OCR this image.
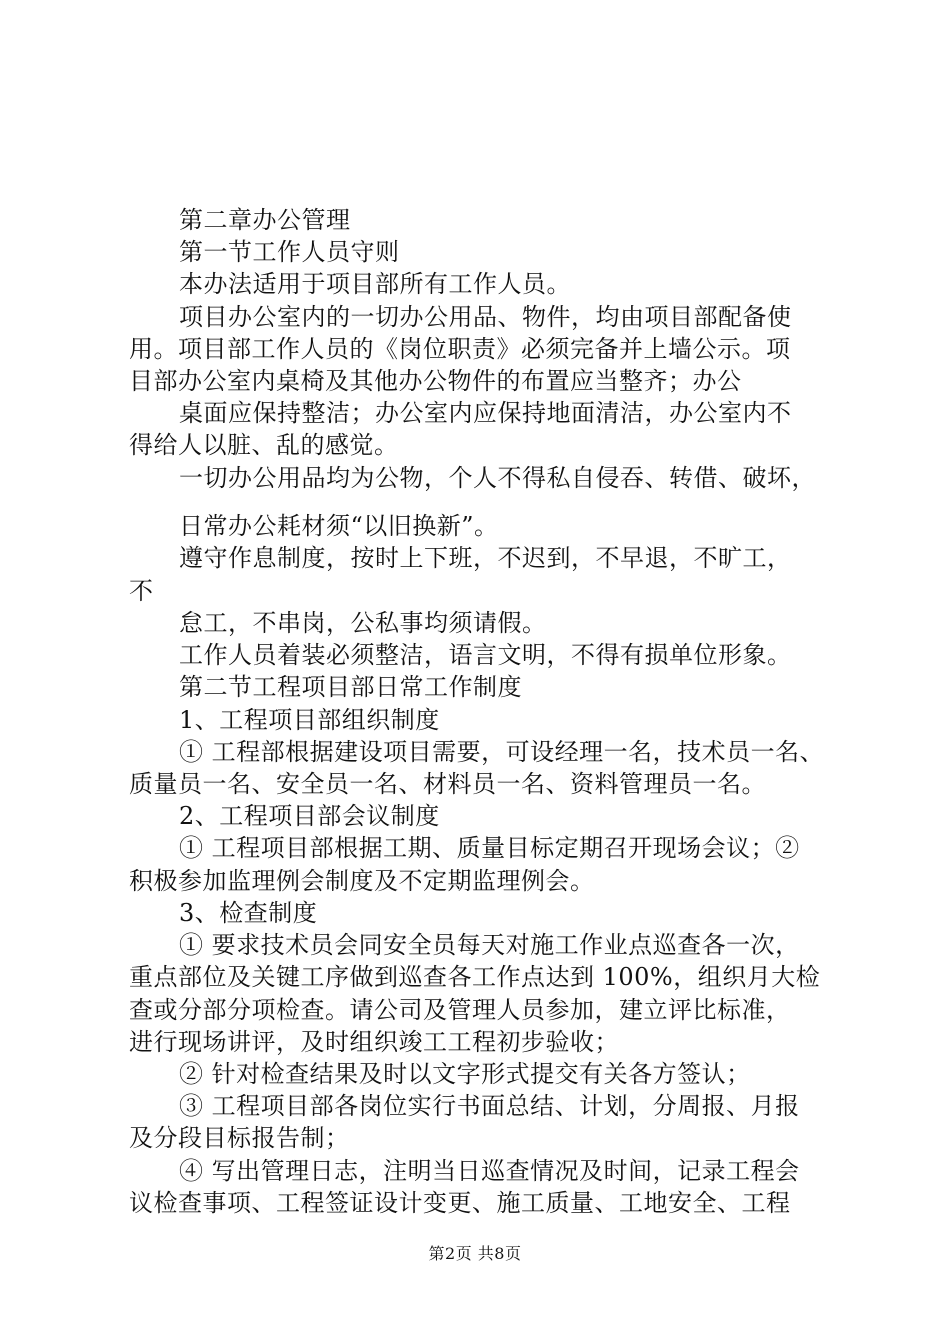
第二章办公管理
第一节工作人员守则
本办法适用于项目部所有工作人员。
项目办公室内的一切办公用品、物件，均由项目部配备使
用。项目部工作人员的《岗位职责》必须完备并上墙公示。项
目部办公室内桌椅及其他办公物件的布置应当整齐；办公
桌面应保持整洁；办公室内应保持地面清洁，办公室内不
得给人以脏、乱的感觉。
一切办公用品均为公物，个人不得私自侵吞、转借、破坏，
日常办公耗材须“以旧换新”。
遵守作息制度，按时上下班，不迟到，不早退，不旷工，
不
怠工，不串岗，公私事均须请假。
工作人员着装必须整洁，语言文明，不得有损单位形象。
第二节工程项目部日常工作制度
1、工程项目部组织制度
① 工程部根据建设项目需要，可设经理一名，技术员一名、
质量员一名、安全员一名、材料员一名、资料管理员一名。
2、工程项目部会议制度
① 工程项目部根据工期、质量目标定期召开现场会议；②
积极参加监理例会制度及不定期监理例会。
3、检查制度
① 要求技术员会同安全员每天对施工作业点巡查各一次，
重点部位及关键工序做到巡查各工作点达到 100%，组织月大检
查或分部分项检查。请公司及管理人员参加，建立评比标准，
进行现场讲评，及时组织竣工工程初步验收；
② 针对检查结果及时以文字形式提交有关各方签认；
③ 工程项目部各岗位实行书面总结、计划，分周报、月报
及分段目标报告制；
④ 写出管理日志，注明当日巡查情况及时间，记录工程会
议检查事项、工程签证设计变更、施工质量、工地安全、工程
第2页 共8页
